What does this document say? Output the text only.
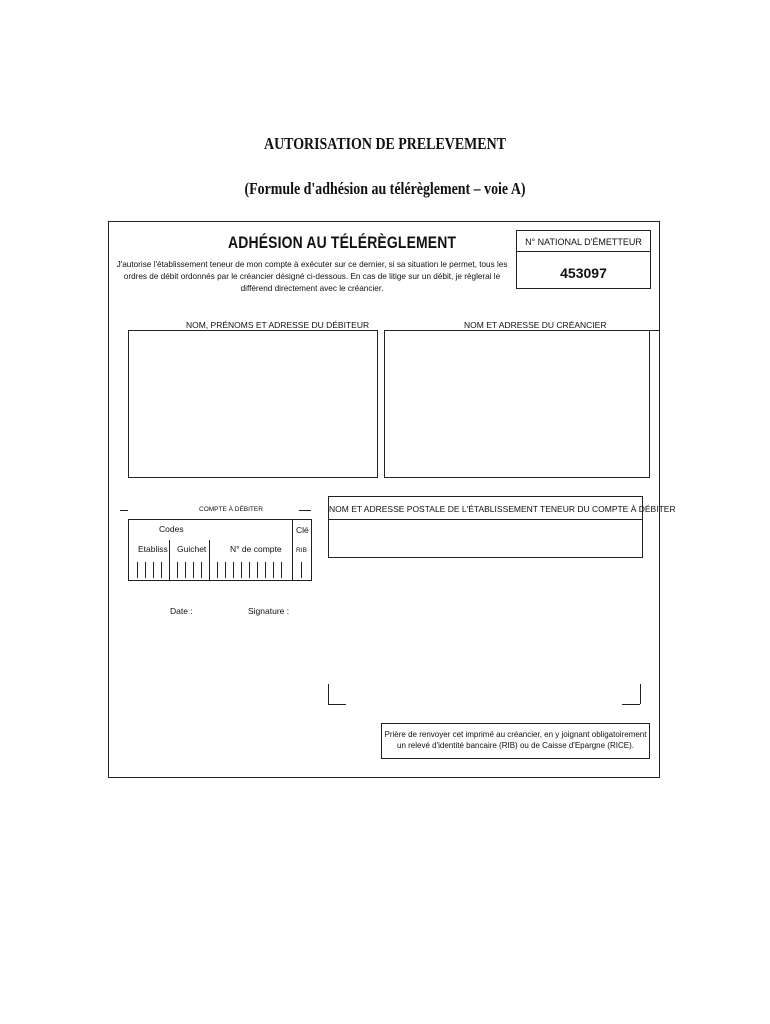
AUTORISATION DE PRELEVEMENT
(Formule d'adhésion au télérèglement – voie A)
ADHÉSION AU TÉLÉRÈGLEMENT	N° NATIONAL D'ÉMETTEUR
453097
J'autorise l'établissement teneur de mon compte à exécuter sur ce dernier, si sa situation le permet, tous les ordres de débit ordonnés par le créancier désigné ci-dessous. En cas de litige sur un débit, je règlerai le différend directement avec le créancier.
NOM, PRÉNOMS ET ADRESSE DU DÉBITEUR	NOM ET ADRESSE DU CRÉANCIER
COMPTE À DÉBITER
Codes	Clé
Etabliss Guichet	N° de compte RIB
NOM ET ADRESSE POSTALE DE L'ÉTABLISSEMENT TENEUR DU COMPTE À DÉBITER
Date :	Signature :
Prière de renvoyer cet imprimé au créancier, en y joignant obligatoirement un relevé d'identité bancaire (RIB) ou de Caisse d'Epargne (RICE).
